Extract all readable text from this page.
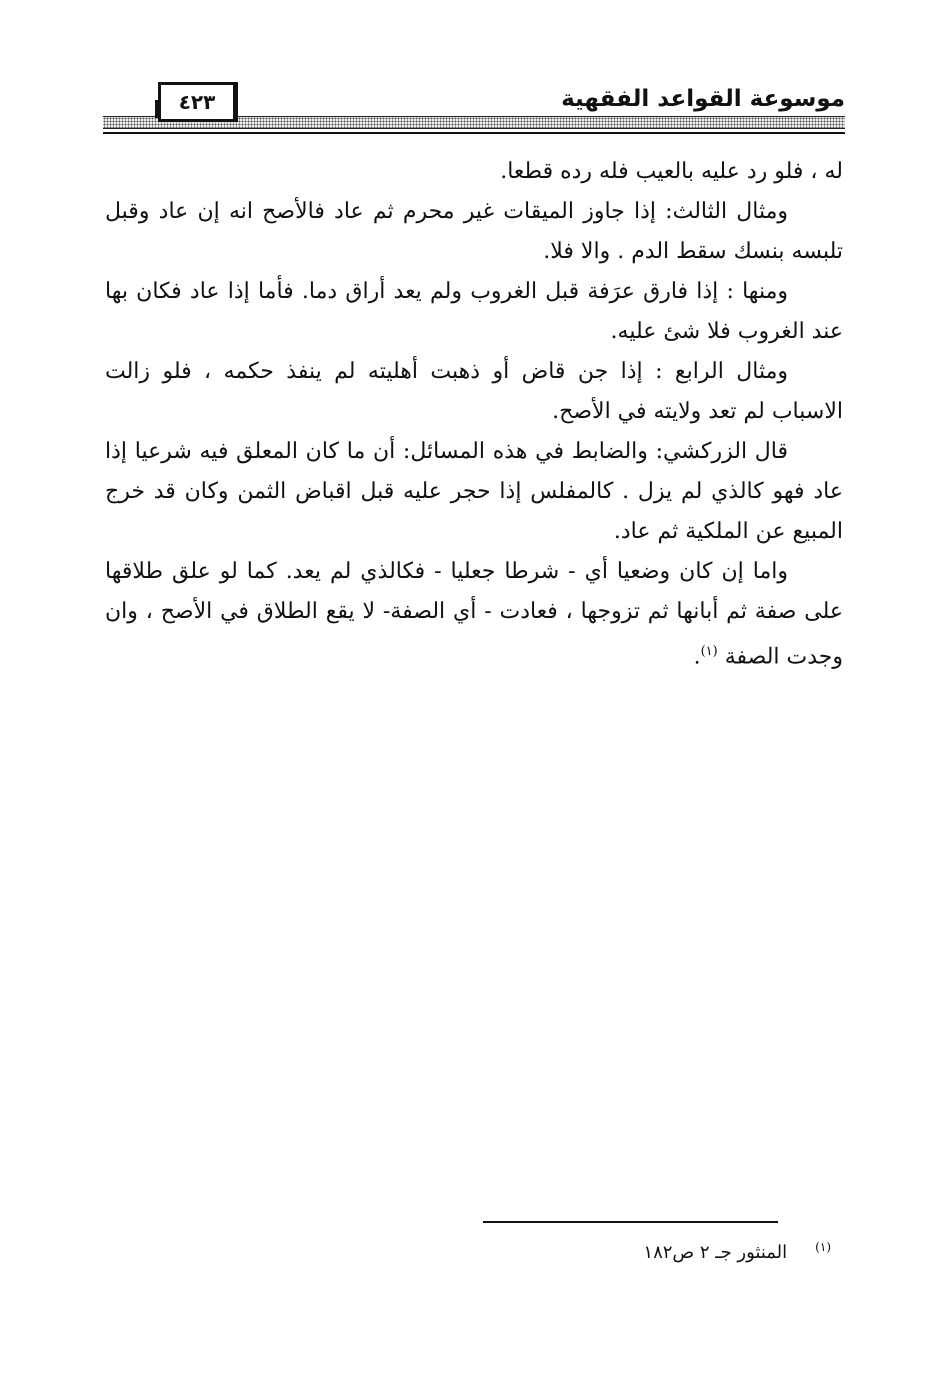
موسوعة القواعد الفقهية
٤٢٣

له ، فلو رد عليه بالعيب فله رده قطعا.

ومثال الثالث: إذا جاوز الميقات غير محرم ثم عاد فالأصح انه إن عاد وقبل تلبسه بنسك سقط الدم . والا فلا.

ومنها : إذا فارق عرَفة قبل الغروب ولم يعد أراق دما. فأما إذا عاد فكان بها عند الغروب فلا شئ عليه.

ومثال الرابع : إذا جن قاض أو ذهبت أهليته لم ينفذ حكمه ، فلو زالت الاسباب لم تعد ولايته في الأصح.

قال الزركشي: والضابط في هذه المسائل: أن ما كان المعلق فيه شرعيا إذا عاد فهو كالذي لم يزل . كالمفلس إذا حجر عليه قبل اقباض الثمن وكان قد خرج المبيع عن الملكية ثم عاد.

واما إن كان وضعيا أي - شرطا جعليا - فكالذي لم يعد. كما لو علق طلاقها على صفة ثم أبانها ثم تزوجها ، فعادت - أي الصفة- لا يقع الطلاق في الأصح ، وان وجدت الصفة $^{(١)}$.

$^{(١)}$المنثور جـ ٢ ص١٨٢
